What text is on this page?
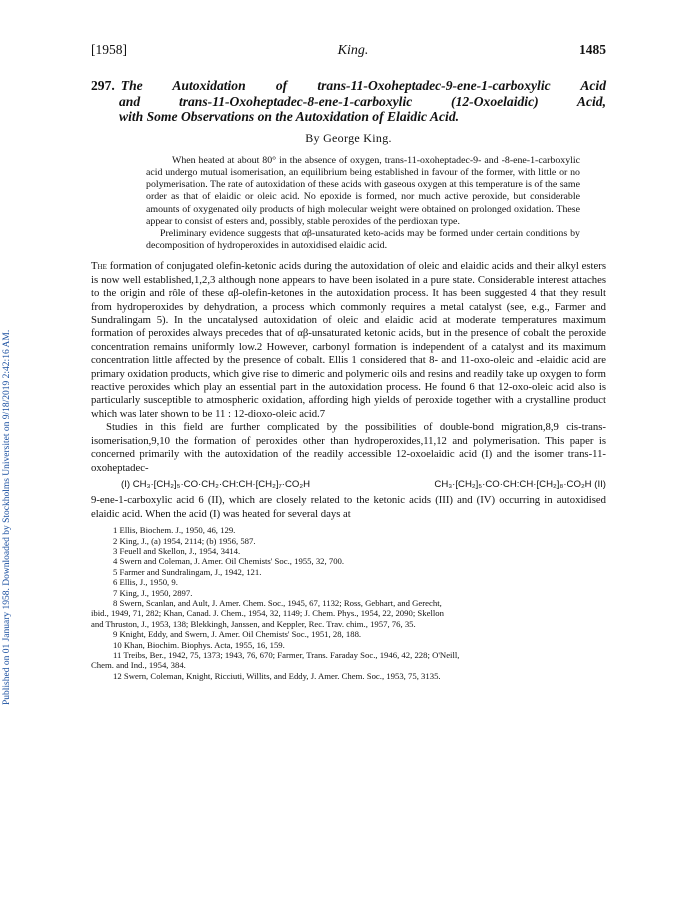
Published on 01 January 1958. Downloaded by Stockholms Universitet on 9/18/2019 2:42:16 AM.
[1958]	King.	1485
297. The Autoxidation of trans-11-Oxoheptadec-9-ene-1-carboxylic Acid
and trans-11-Oxoheptadec-8-ene-1-carboxylic (12-Oxoelaidic) Acid,
with Some Observations on the Autoxidation of Elaidic Acid.
By George King.

When heated at about 80° in the absence of oxygen, trans-11-oxoheptadec-9- and -8-ene-1-carboxylic acid undergo mutual isomerisation, an equilibrium being established in favour of the former, with little or no polymerisation. The rate of autoxidation of these acids with gaseous oxygen at this temperature is of the same order as that of elaidic or oleic acid. No epoxide is formed, nor much active peroxide, but considerable amounts of oxygenated oily products of high molecular weight were obtained on prolonged oxidation. These appear to consist of esters and, possibly, stable peroxides of the perdioxan type.

Preliminary evidence suggests that αβ-unsaturated keto-acids may be formed under certain conditions by decomposition of hydroperoxides in autoxidised elaidic acid.

The formation of conjugated olefin-ketonic acids during the autoxidation of oleic and elaidic acids and their alkyl esters is now well established,1,2,3 although none appears to have been isolated in a pure state. Considerable interest attaches to the origin and rôle of these αβ-olefin-ketones in the autoxidation process. It has been suggested 4 that they result from hydroperoxides by dehydration, a process which commonly requires a metal catalyst (see, e.g., Farmer and Sundralingam 5). In the uncatalysed autoxidation of oleic and elaidic acid at moderate temperatures maximum formation of peroxides always precedes that of αβ-unsaturated ketonic acids, but in the presence of cobalt the peroxide concentration remains uniformly low.2 However, carbonyl formation is independent of a catalyst and its maximum concentration little affected by the presence of cobalt. Ellis 1 considered that 8- and 11-oxo-oleic and -elaidic acid are primary oxidation products, which give rise to dimeric and polymeric oils and resins and readily take up oxygen to form reactive peroxides which play an essential part in the autoxidation process. He found 6 that 12-oxo-oleic acid also is particularly susceptible to atmospheric oxidation, affording high yields of peroxide together with a crystalline product which was later shown to be 11 : 12-dioxo-oleic acid.7

Studies in this field are further complicated by the possibilities of double-bond migration,8,9 cis-trans-isomerisation,9,10 the formation of peroxides other than hydroperoxides,11,12 and polymerisation. This paper is concerned primarily with the autoxidation of the readily accessible 12-oxoelaidic acid (I) and the isomer trans-11-oxoheptadec-

(I) CH₃·[CH₂]₅·CO·CH₂·CH:CH·[CH₂]₇·CO₂H	CH₃·[CH₂]₅·CO·CH:CH·[CH₂]₈·CO₂H (II)

9-ene-1-carboxylic acid 6 (II), which are closely related to the ketonic acids (III) and (IV) occurring in autoxidised elaidic acid. When the acid (I) was heated for several days at

1 Ellis, Biochem. J., 1950, 46, 129.
2 King, J., (a) 1954, 2114; (b) 1956, 587.
3 Feuell and Skellon, J., 1954, 3414.
4 Swern and Coleman, J. Amer. Oil Chemists' Soc., 1955, 32, 700.
5 Farmer and Sundralingam, J., 1942, 121.
6 Ellis, J., 1950, 9.
7 King, J., 1950, 2897.
8 Swern, Scanlan, and Ault, J. Amer. Chem. Soc., 1945, 67, 1132; Ross, Gebhart, and Gerecht,
ibid., 1949, 71, 282; Khan, Canad. J. Chem., 1954, 32, 1149; J. Chem. Phys., 1954, 22, 2090; Skellon
and Thruston, J., 1953, 138; Blekkingh, Janssen, and Keppler, Rec. Trav. chim., 1957, 76, 35.
9 Knight, Eddy, and Swern, J. Amer. Oil Chemists' Soc., 1951, 28, 188.
10 Khan, Biochim. Biophys. Acta, 1955, 16, 159.
11 Treibs, Ber., 1942, 75, 1373; 1943, 76, 670; Farmer, Trans. Faraday Soc., 1946, 42, 228; O'Neill,
Chem. and Ind., 1954, 384.
12 Swern, Coleman, Knight, Ricciuti, Willits, and Eddy, J. Amer. Chem. Soc., 1953, 75, 3135.
